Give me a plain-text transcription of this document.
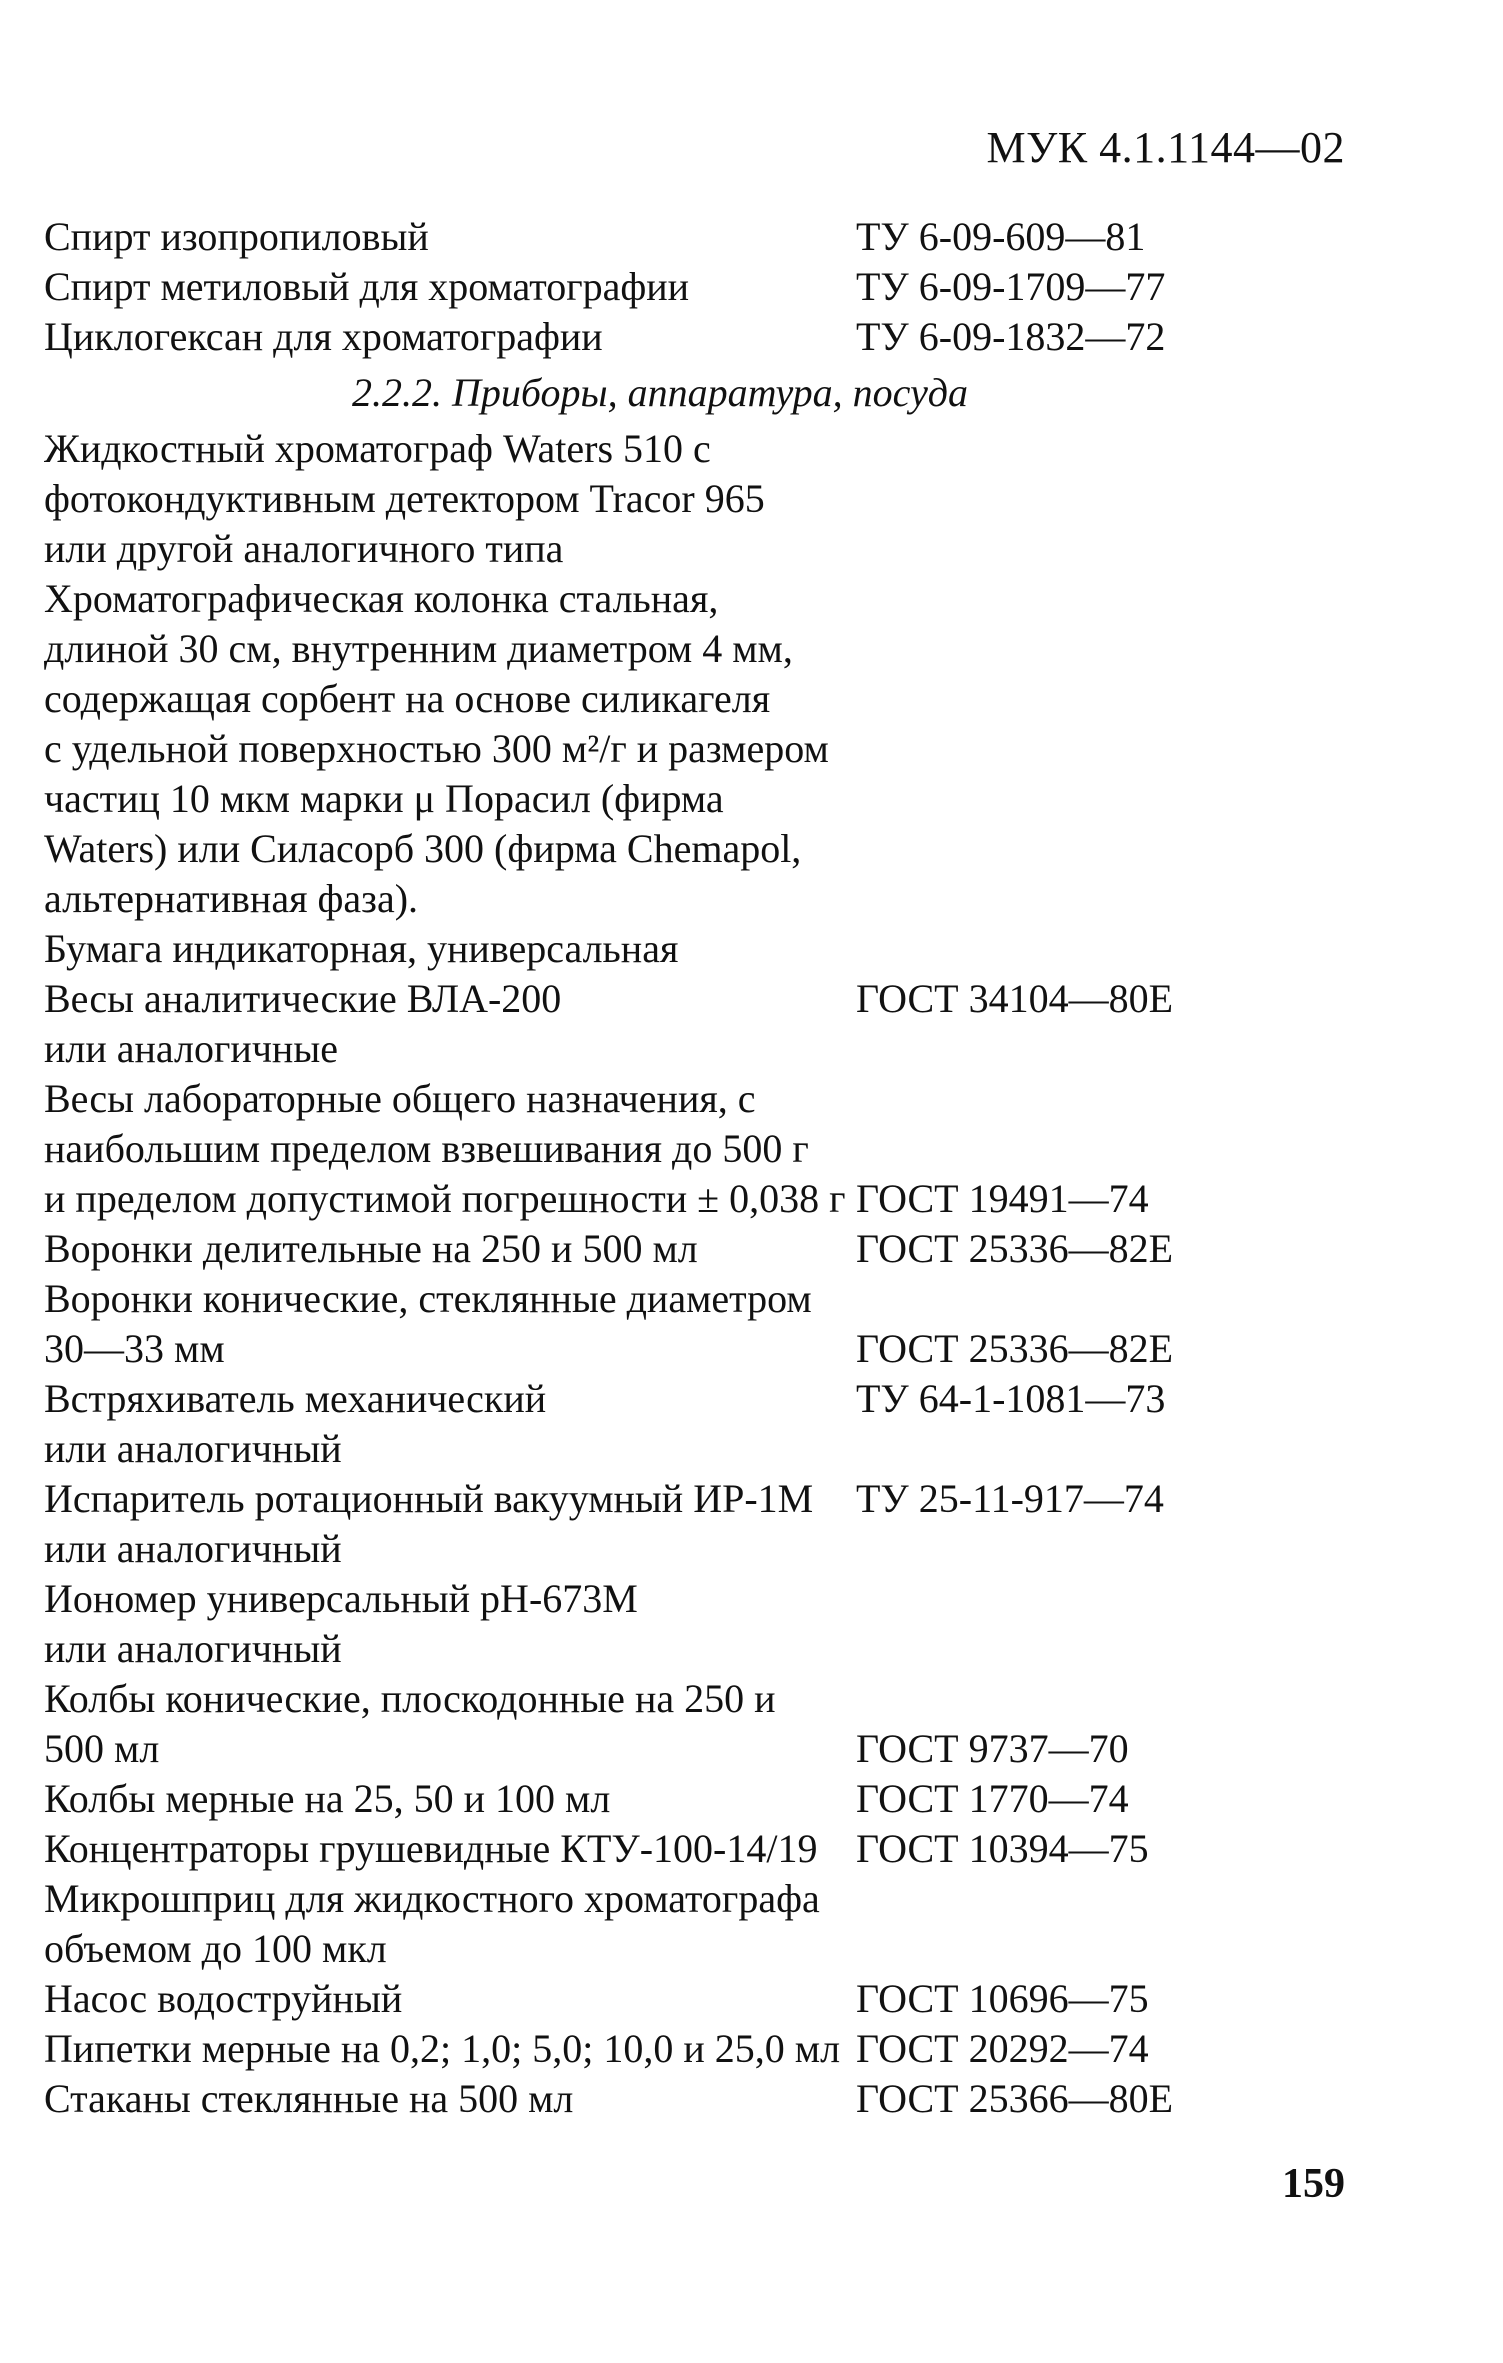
МУК 4.1.1144—02
Спирт изопропиловый	ТУ 6-09-609—81
Спирт метиловый для хроматографии	ТУ 6-09-1709—77
Циклогексан для хроматографии	ТУ 6-09-1832—72
2.2.2. Приборы, аппаратура, посуда
Жидкостный хроматограф Waters 510 с
фотокондуктивным детектором Tracor 965
или другой аналогичного типа
Хроматографическая колонка стальная,
длиной 30 см, внутренним диаметром 4 мм,
содержащая сорбент на основе силикагеля
с удельной поверхностью 300 м²/г и размером
частиц 10 мкм марки μ Порасил (фирма
Waters) или Силасорб 300 (фирма Chemapol,
альтернативная фаза).
Бумага индикаторная, универсальная
Весы аналитические ВЛА-200	ГОСТ 34104—80Е
или аналогичные
Весы лабораторные общего назначения, с
наибольшим пределом взвешивания до 500 г
и пределом допустимой погрешности ± 0,038 г ГОСТ 19491—74
Воронки делительные на 250 и 500 мл	ГОСТ 25336—82Е
Воронки конические, стеклянные диаметром
30—33 мм	ГОСТ 25336—82Е
Встряхиватель механический	ТУ 64-1-1081—73
или аналогичный
Испаритель ротационный вакуумный ИР-1М ТУ 25-11-917—74
или аналогичный
Иономер универсальный рН-673М
или аналогичный
Колбы конические, плоскодонные на 250 и
500 мл	ГОСТ 9737—70
Колбы мерные на 25, 50 и 100 мл	ГОСТ 1770—74
Концентраторы грушевидные КТУ-100-14/19 ГОСТ 10394—75
Микрошприц для жидкостного хроматографа
объемом до 100 мкл
Насос водоструйный	ГОСТ 10696—75
Пипетки мерные на 0,2; 1,0; 5,0; 10,0 и 25,0 мл ГОСТ 20292—74
Стаканы стеклянные на 500 мл	ГОСТ 25366—80Е
159
